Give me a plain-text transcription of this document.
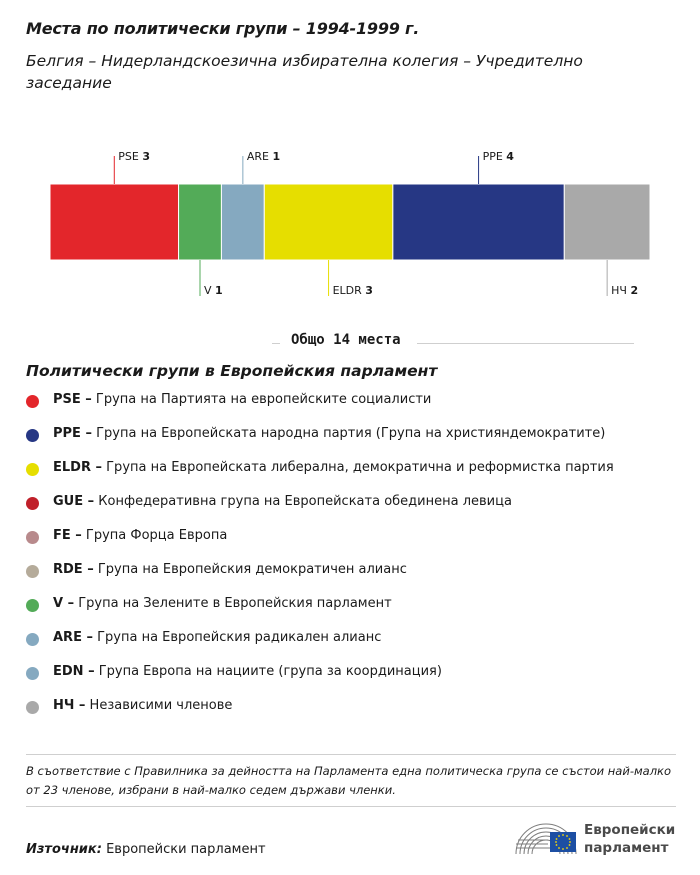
Места по политически групи – 1994-1999 г.
Белгия – Нидерландскоезична избирателна колегия – Учредително заседание
PSE 3
V 1
ARE 1
ELDR 3
PPE 4
НЧ 2
Общо 14 места
Политически групи в Европейския парламент
PSE – Група на Партията на европейските социалисти
PPE – Група на Европейската народна партия (Група на християндемократите)
ELDR – Група на Европейската либерална, демократична и реформистка партия
GUE – Конфедеративна група на Европейската обединена левица
FE – Група Форца Европа
RDE – Група на Европейския демократичен алианс
V – Група на Зелените в Европейския парламент
ARE – Група на Европейския радикален алианс
EDN – Група Европа на нациите (група за координация)
НЧ – Независими членове
В съответствие с Правилника за дейността на Парламента една политическа група се състои най-малко от 23 членове, избрани в най-малко седем държави членки.
Източник: Европейски парламент
Европейски
парламент
